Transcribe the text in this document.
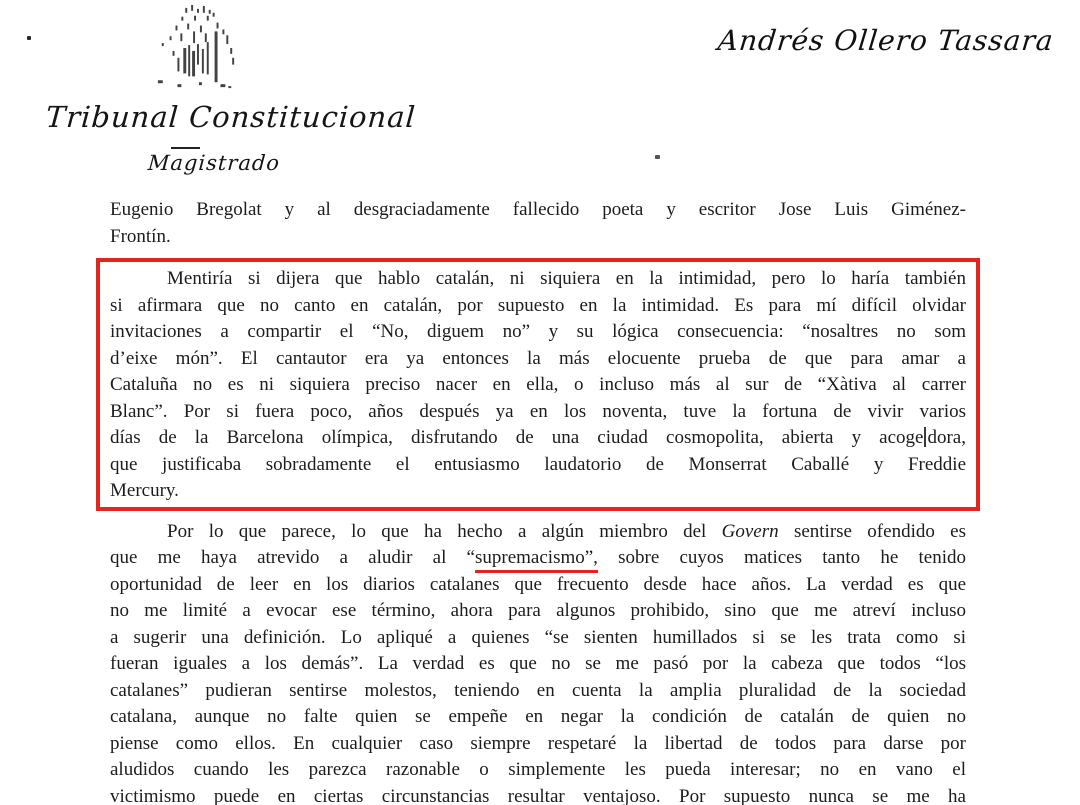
Tribunal Constitucional
Magistrado
Andrés Ollero Tassara
Eugenio Bregolat y al desgraciadamente fallecido poeta y escritor Jose Luis Giménez-
Frontín.
Mentiría si dijera que hablo catalán, ni siquiera en la intimidad, pero lo haría también
si afirmara que no canto en catalán, por supuesto en la intimidad. Es para mí difícil olvidar
invitaciones a compartir el “No, diguem no” y su lógica consecuencia: “nosaltres no som
d’eixe món”. El cantautor era ya entonces la más elocuente prueba de que para amar a
Cataluña no es ni siquiera preciso nacer en ella, o incluso más al sur de “Xàtiva al carrer
Blanc”. Por si fuera poco, años después ya en los noventa, tuve la fortuna de vivir varios
días de la Barcelona olímpica, disfrutando de una ciudad cosmopolita, abierta y acoge dora,
que justificaba sobradamente el entusiasmo laudatorio de Monserrat Caballé y Freddie
Mercury.
Por lo que parece, lo que ha hecho a algún miembro del Govern sentirse ofendido es
que me haya atrevido a aludir al “supremacismo”, sobre cuyos matices tanto he tenido
oportunidad de leer en los diarios catalanes que frecuento desde hace años. La verdad es que
no me limité a evocar ese término, ahora para algunos prohibido, sino que me atreví incluso
a sugerir una definición. Lo apliqué a quienes “se sienten humillados si se les trata como si
fueran iguales a los demás”. La verdad es que no se me pasó por la cabeza que todos “los
catalanes” pudieran sentirse molestos, teniendo en cuenta la amplia pluralidad de la sociedad
catalana, aunque no falte quien se empeñe en negar la condición de catalán de quien no
piense como ellos. En cualquier caso siempre respetaré la libertad de todos para darse por
aludidos cuando les parezca razonable o simplemente les pueda interesar; no en vano el
victimismo puede en ciertas circunstancias resultar ventajoso. Por supuesto nunca se me ha
